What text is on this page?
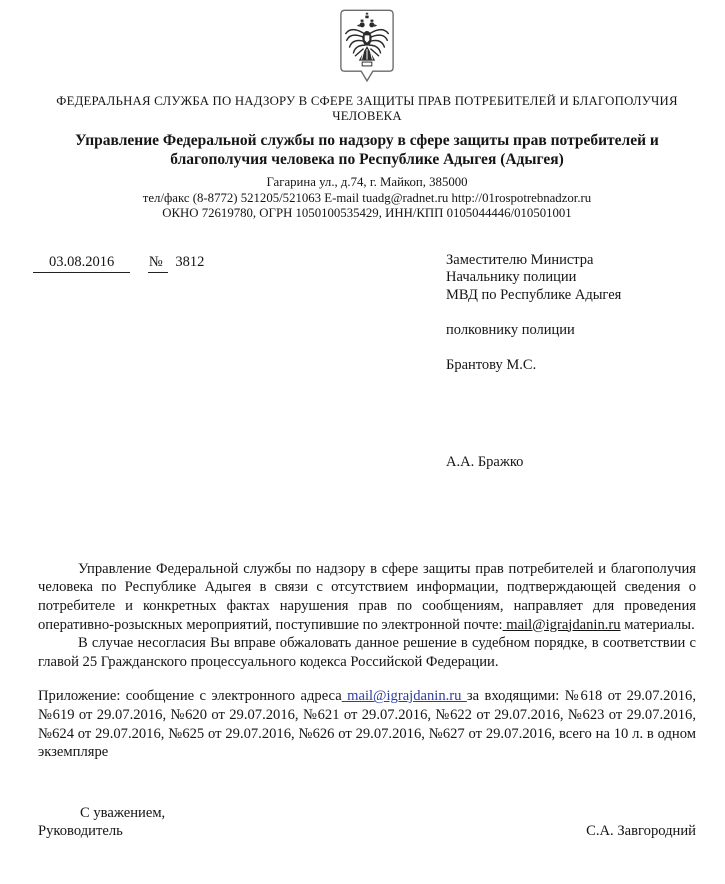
ФЕДЕРАЛЬНАЯ СЛУЖБА ПО НАДЗОРУ В СФЕРЕ ЗАЩИТЫ ПРАВ ПОТРЕБИТЕЛЕЙ И БЛАГОПОЛУЧИЯ
ЧЕЛОВЕКА
Управление Федеральной службы по надзору в сфере защиты прав потребителей и
благополучия человека по Республике Адыгея (Адыгея)
Гагарина ул., д.74, г. Майкоп, 385000
тел/факс (8-8772) 521205/521063 E-mail tuadg@radnet.ru http://01rospotrebnadzor.ru
ОКНО 72619780, ОГРН 1050100535429, ИНН/КПП 0105044446/010501001
03.08.2016 № 3812	Заместителю Министра
Начальнику полиции
МВД по Республике Адыгея
полковнику полиции
Брантову М.С.
А.А. Бражко

Управление Федеральной службы по надзору в сфере защиты прав потребителей и благополучия человека по Республике Адыгея в связи с отсутствием информации, подтверждающей сведения о потребителе и конкретных фактах нарушения прав по сообщениям, направляет для проведения оперативно-розыскных мероприятий, поступившие по электронной почте: mail@igrajdanin.ru материалы.

В случае несогласия Вы вправе обжаловать данное решение в судебном порядке, в соответствии с главой 25 Гражданского процессуального кодекса Российской Федерации.

Приложение: сообщение с электронного адреса mail@igrajdanin.ru за входящими: №618 от 29.07.2016, №619 от 29.07.2016, №620 от 29.07.2016, №621 от 29.07.2016, №622 от 29.07.2016, №623 от 29.07.2016, №624 от 29.07.2016, №625 от 29.07.2016, №626 от 29.07.2016, №627 от 29.07.2016, всего на 10 л. в одном экземпляре

С уважением,
Руководитель	С.А. Завгородний
